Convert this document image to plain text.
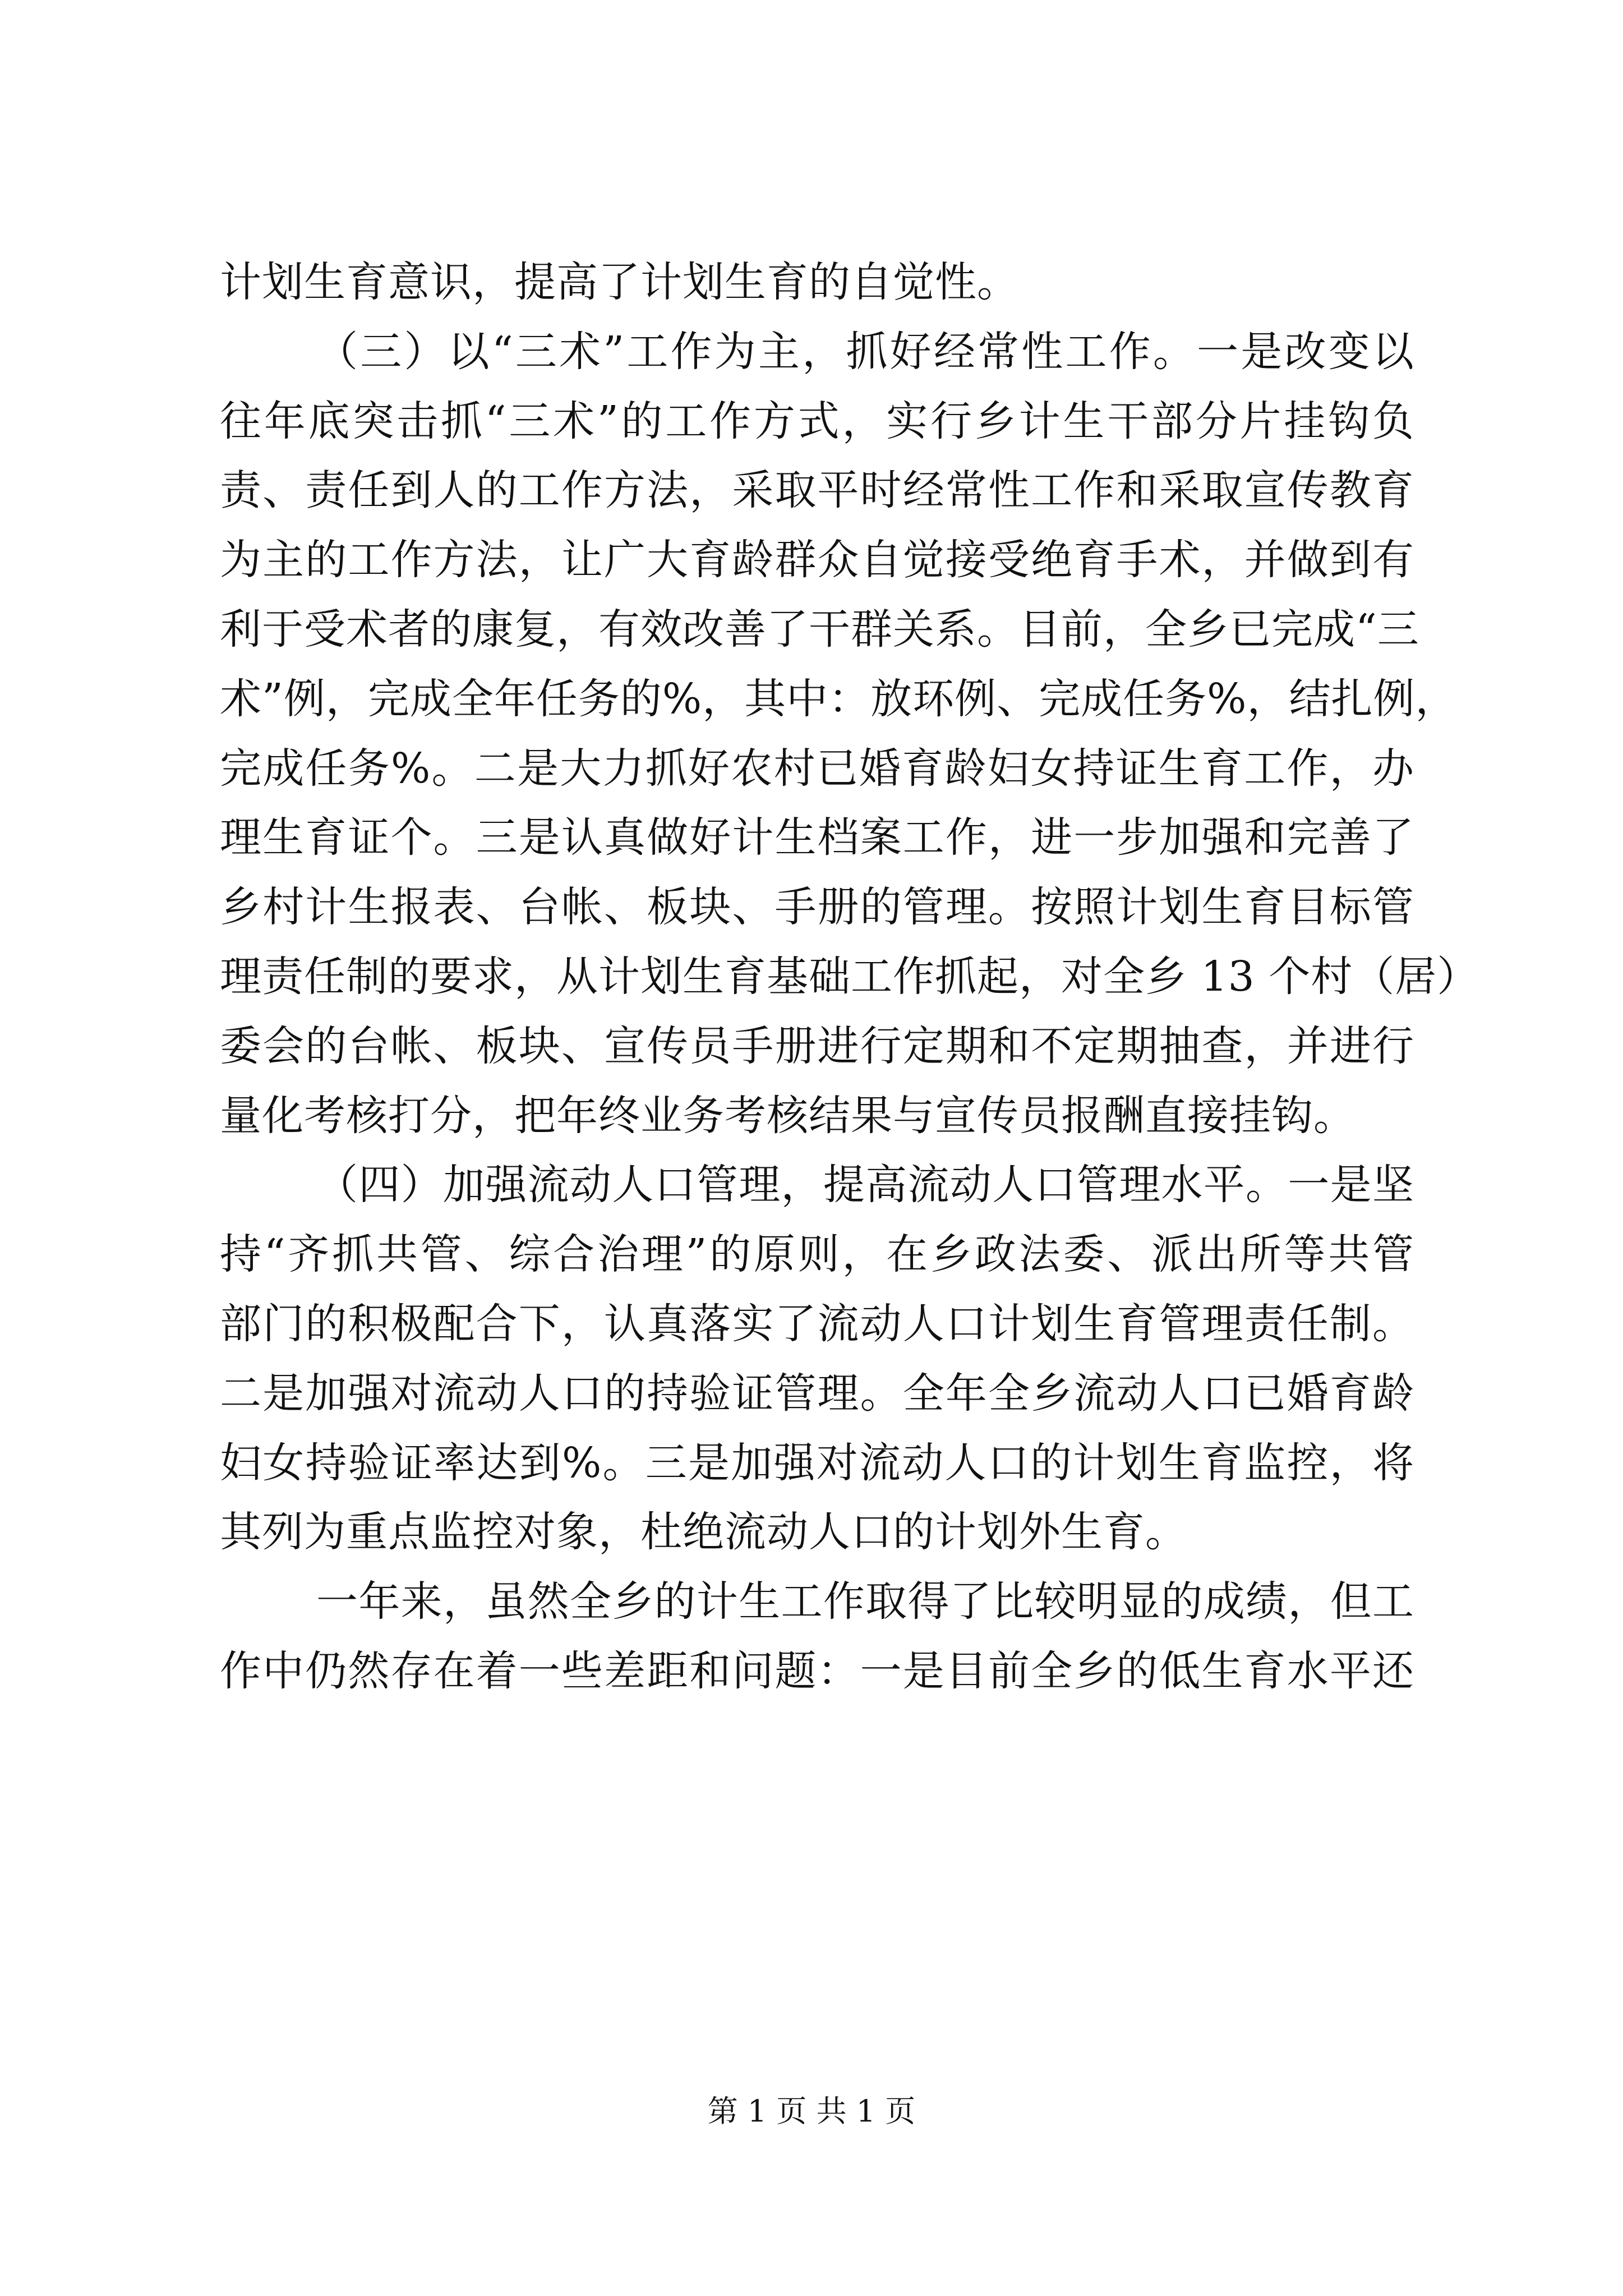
计划生育意识，提高了计划生育的自觉性。
（三）以“三术”工作为主，抓好经常性工作。一是改变以
往年底突击抓“三术”的工作方式，实行乡计生干部分片挂钩负
责、责任到人的工作方法，采取平时经常性工作和采取宣传教育
为主的工作方法，让广大育龄群众自觉接受绝育手术，并做到有
利于受术者的康复，有效改善了干群关系。目前，全乡已完成“三
术”例，完成全年任务的%，其中：放环例、完成任务%，结扎例，
完成任务%。二是大力抓好农村已婚育龄妇女持证生育工作，办
理生育证个。三是认真做好计生档案工作，进一步加强和完善了
乡村计生报表、台帐、板块、手册的管理。按照计划生育目标管
理责任制的要求，从计划生育基础工作抓起，对全乡 13 个村（居）
委会的台帐、板块、宣传员手册进行定期和不定期抽查，并进行
量化考核打分，把年终业务考核结果与宣传员报酬直接挂钩。
（四）加强流动人口管理，提高流动人口管理水平。一是坚
持“齐抓共管、综合治理”的原则，在乡政法委、派出所等共管
部门的积极配合下，认真落实了流动人口计划生育管理责任制。
二是加强对流动人口的持验证管理。全年全乡流动人口已婚育龄
妇女持验证率达到%。三是加强对流动人口的计划生育监控，将
其列为重点监控对象，杜绝流动人口的计划外生育。
一年来，虽然全乡的计生工作取得了比较明显的成绩，但工
作中仍然存在着一些差距和问题：一是目前全乡的低生育水平还
第 1 页 共 1 页
